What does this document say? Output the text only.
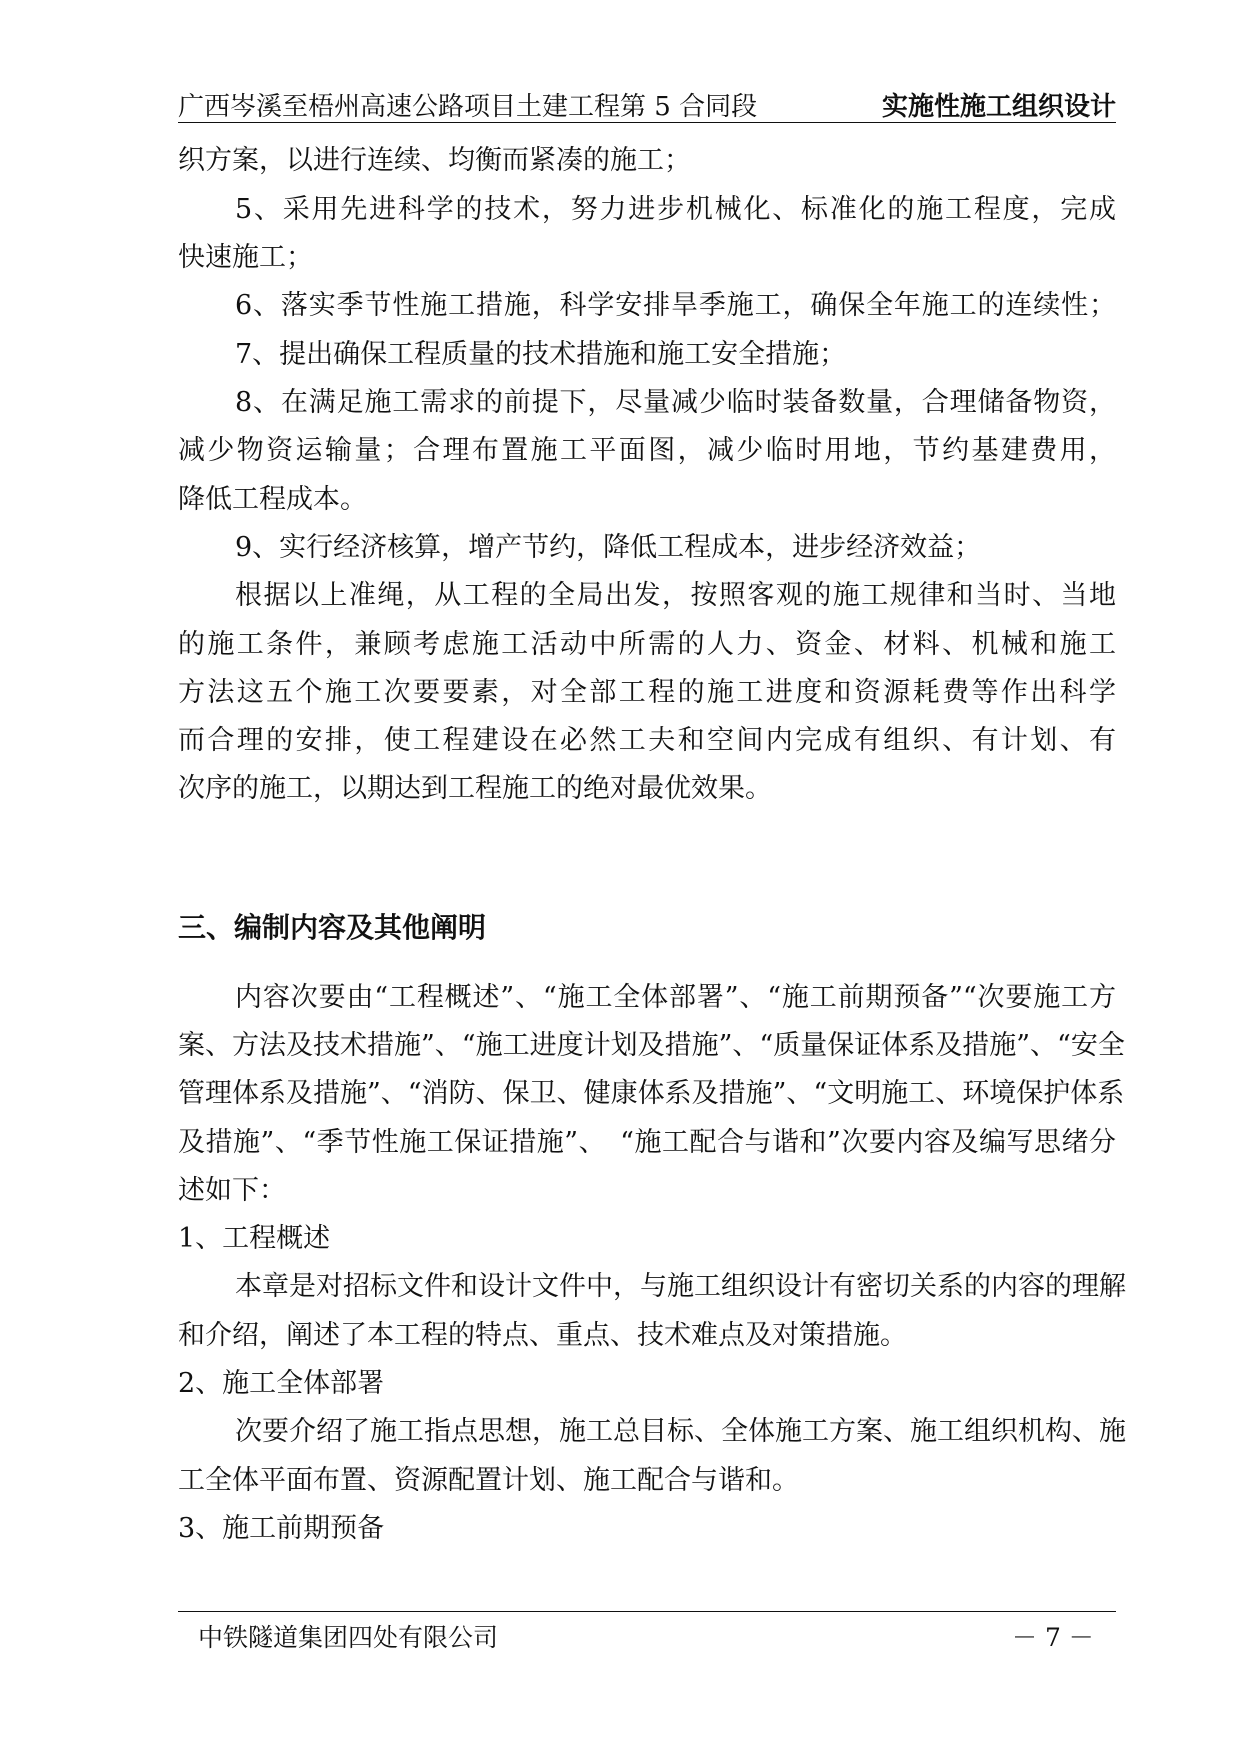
广西岑溪至梧州高速公路项目土建工程第 5 合同段	实施性施工组织设计
织方案，以进行连续、均衡而紧凑的施工；
5、采用先进科学的技术，努力进步机械化、标准化的施工程度，完成
快速施工；
6、落实季节性施工措施，科学安排旱季施工，确保全年施工的连续性；
7、提出确保工程质量的技术措施和施工安全措施；
8、在满足施工需求的前提下，尽量减少临时装备数量，合理储备物资，
减少物资运输量；合理布置施工平面图，减少临时用地，节约基建费用，
降低工程成本。
9、实行经济核算，增产节约，降低工程成本，进步经济效益；
根据以上准绳，从工程的全局出发，按照客观的施工规律和当时、当地
的施工条件，兼顾考虑施工活动中所需的人力、资金、材料、机械和施工
方法这五个施工次要要素，对全部工程的施工进度和资源耗费等作出科学
而合理的安排，使工程建设在必然工夫和空间内完成有组织、有计划、有
次序的施工，以期达到工程施工的绝对最优效果。
三、编制内容及其他阐明
内容次要由“工程概述”、“施工全体部署”、“施工前期预备”“次要施工方
案、方法及技术措施”、“施工进度计划及措施”、“质量保证体系及措施”、“安全
管理体系及措施”、“消防、保卫、健康体系及措施”、“文明施工、环境保护体系
及措施”、“季节性施工保证措施”、　“施工配合与谐和”次要内容及编写思绪分
述如下：
1、工程概述
本章是对招标文件和设计文件中，与施工组织设计有密切关系的内容的理解
和介绍，阐述了本工程的特点、重点、技术难点及对策措施。
2、施工全体部署
次要介绍了施工指点思想，施工总目标、全体施工方案、施工组织机构、施
工全体平面布置、资源配置计划、施工配合与谐和。
3、施工前期预备
中铁隧道集团四处有限公司	－ 7 －
